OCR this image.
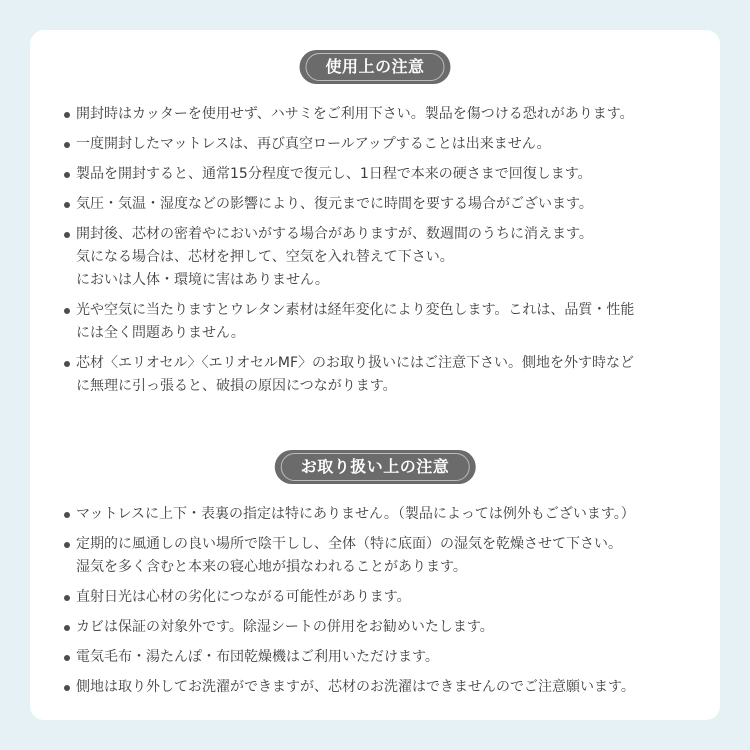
使用上の注意
開封時はカッターを使用せず、ハサミをご利用下さい。製品を傷つける恐れがあります。
一度開封したマットレスは、再び真空ロールアップすることは出来ません。
製品を開封すると、通常15分程度で復元し、1日程で本来の硬さまで回復します。
気圧・気温・湿度などの影響により、復元までに時間を要する場合がございます。
開封後、芯材の密着やにおいがする場合がありますが、数週間のうちに消えます。
気になる場合は、芯材を押して、空気を入れ替えて下さい。
においは人体・環境に害はありません。
光や空気に当たりますとウレタン素材は経年変化により変色します。これは、品質・性能
には全く問題ありません。
芯材〈エリオセル〉〈エリオセルMF〉のお取り扱いにはご注意下さい。側地を外す時など
に無理に引っ張ると、破損の原因につながります。
お取り扱い上の注意
マットレスに上下・表裏の指定は特にありません。（製品によっては例外もございます。）
定期的に風通しの良い場所で陰干しし、全体（特に底面）の湿気を乾燥させて下さい。
湿気を多く含むと本来の寝心地が損なわれることがあります。
直射日光は心材の劣化につながる可能性があります。
カビは保証の対象外です。除湿シートの併用をお勧めいたします。
電気毛布・湯たんぽ・布団乾燥機はご利用いただけます。
側地は取り外してお洗濯ができますが、芯材のお洗濯はできませんのでご注意願います。
